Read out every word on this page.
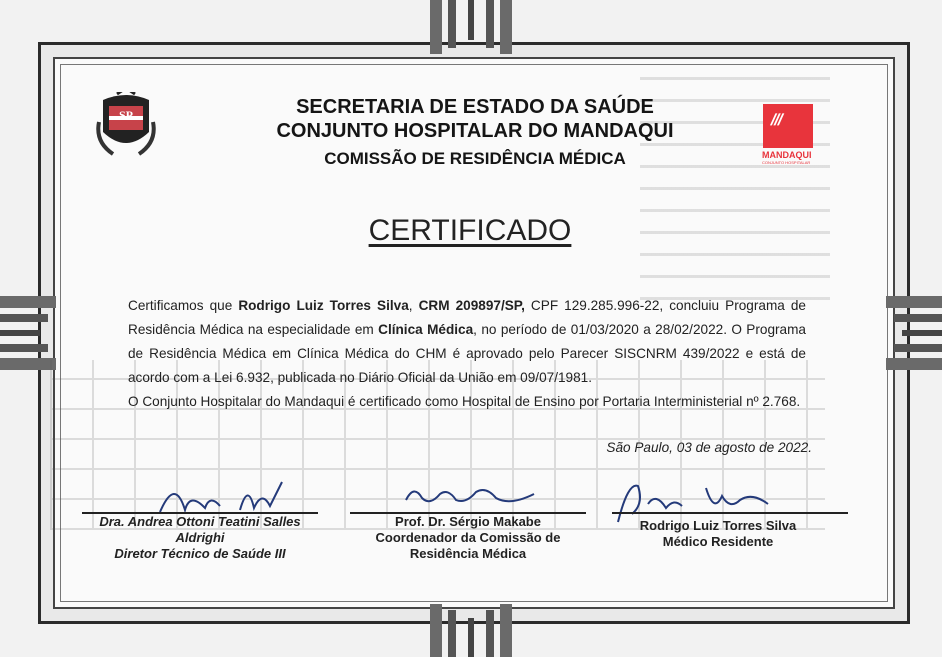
SP	///
MANDAQUI
CONJUNTO HOSPITALAR
SECRETARIA DE ESTADO DA SAÚDE
CONJUNTO HOSPITALAR DO MANDAQUI
COMISSÃO DE RESIDÊNCIA MÉDICA
CERTIFICADO

Certificamos que Rodrigo Luiz Torres Silva, CRM 209897/SP, CPF 129.285.996-22, concluiu Programa de Residência Médica na especialidade em Clínica Médica, no período de 01/03/2020 a 28/02/2022. O Programa de Residência Médica em Clínica Médica do CHM é aprovado pelo Parecer SISCNRM 439/2022 e está de acordo com a Lei 6.932, publicada no Diário Oficial da União em 09/07/1981.

O Conjunto Hospitalar do Mandaqui é certificado como Hospital de Ensino por Portaria Interministerial nº 2.768.

São Paulo, 03 de agosto de 2022.
Dra. Andrea Ottoni Teatini Salles
Aldrighi
Diretor Técnico de Saúde III
Prof. Dr. Sérgio Makabe
Coordenador da Comissão de
Residência Médica
Rodrigo Luiz Torres Silva
Médico Residente
